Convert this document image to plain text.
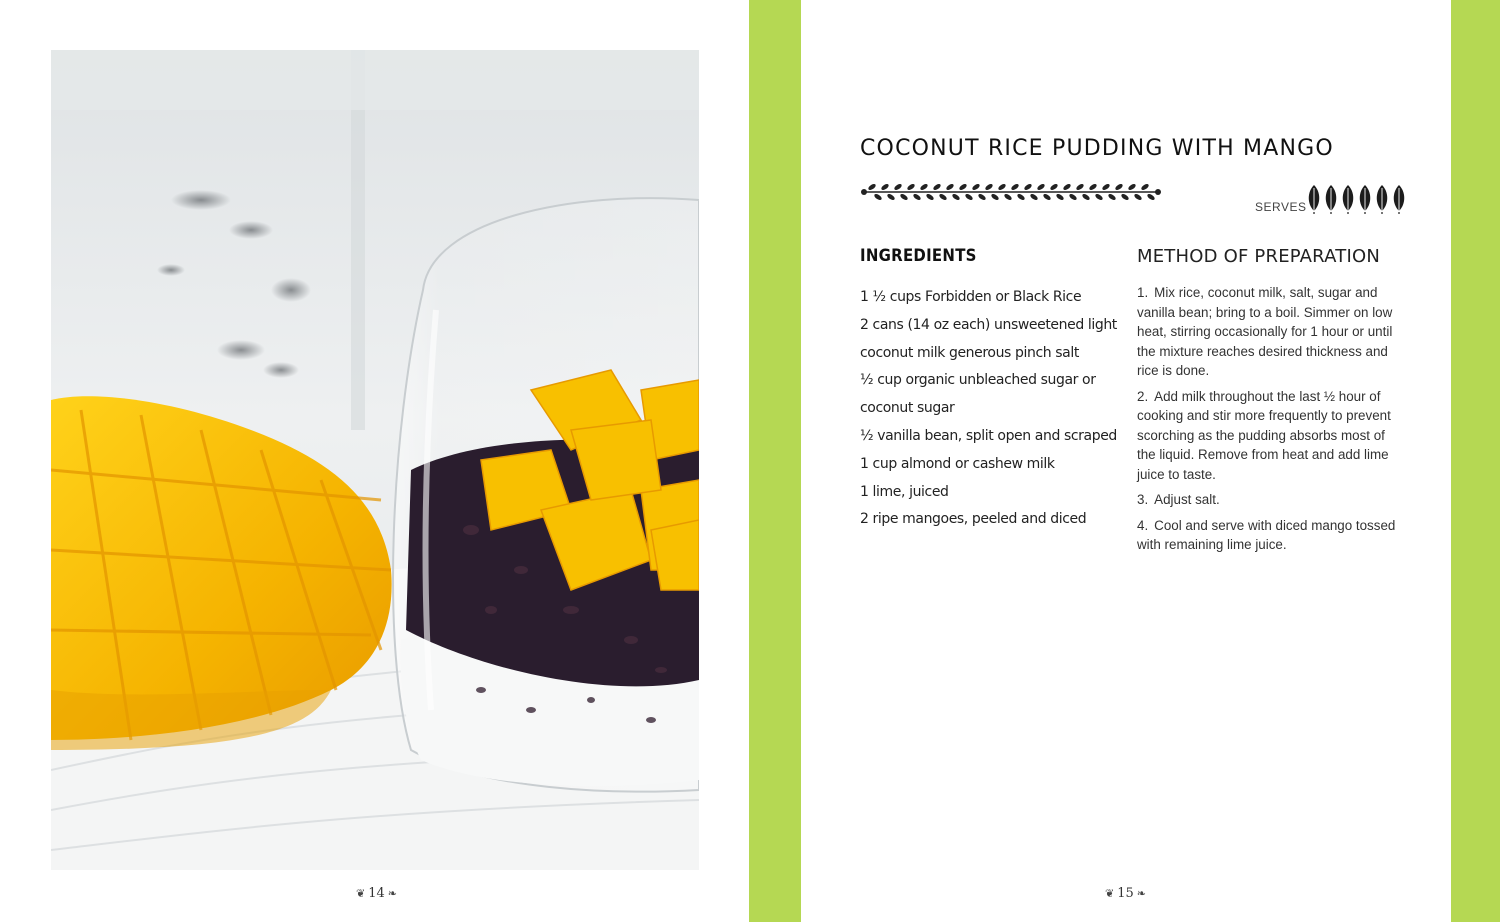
❦ 14 ❧
COCONUT RICE PUDDING WITH MANGO
SERVES
INGREDIENTS
1 ½ cups Forbidden or Black Rice
2 cans (14 oz each) unsweetened light coconut milk generous pinch salt
½ cup organic unbleached sugar or coconut sugar
½ vanilla bean, split open and scraped
1 cup almond or cashew milk
1 lime, juiced
2 ripe mangoes, peeled and diced
METHOD OF PREPARATION
1. Mix rice, coconut milk, salt, sugar and vanilla bean; bring to a boil. Simmer on low heat, stirring occasionally for 1 hour or until the mixture reaches desired thickness and rice is done.
2. Add milk throughout the last ½ hour of cooking and stir more frequently to prevent scorching as the pudding absorbs most of the liquid. Remove from heat and add lime juice to taste.
3. Adjust salt.
4. Cool and serve with diced mango tossed with remaining lime juice.
❦ 15 ❧
